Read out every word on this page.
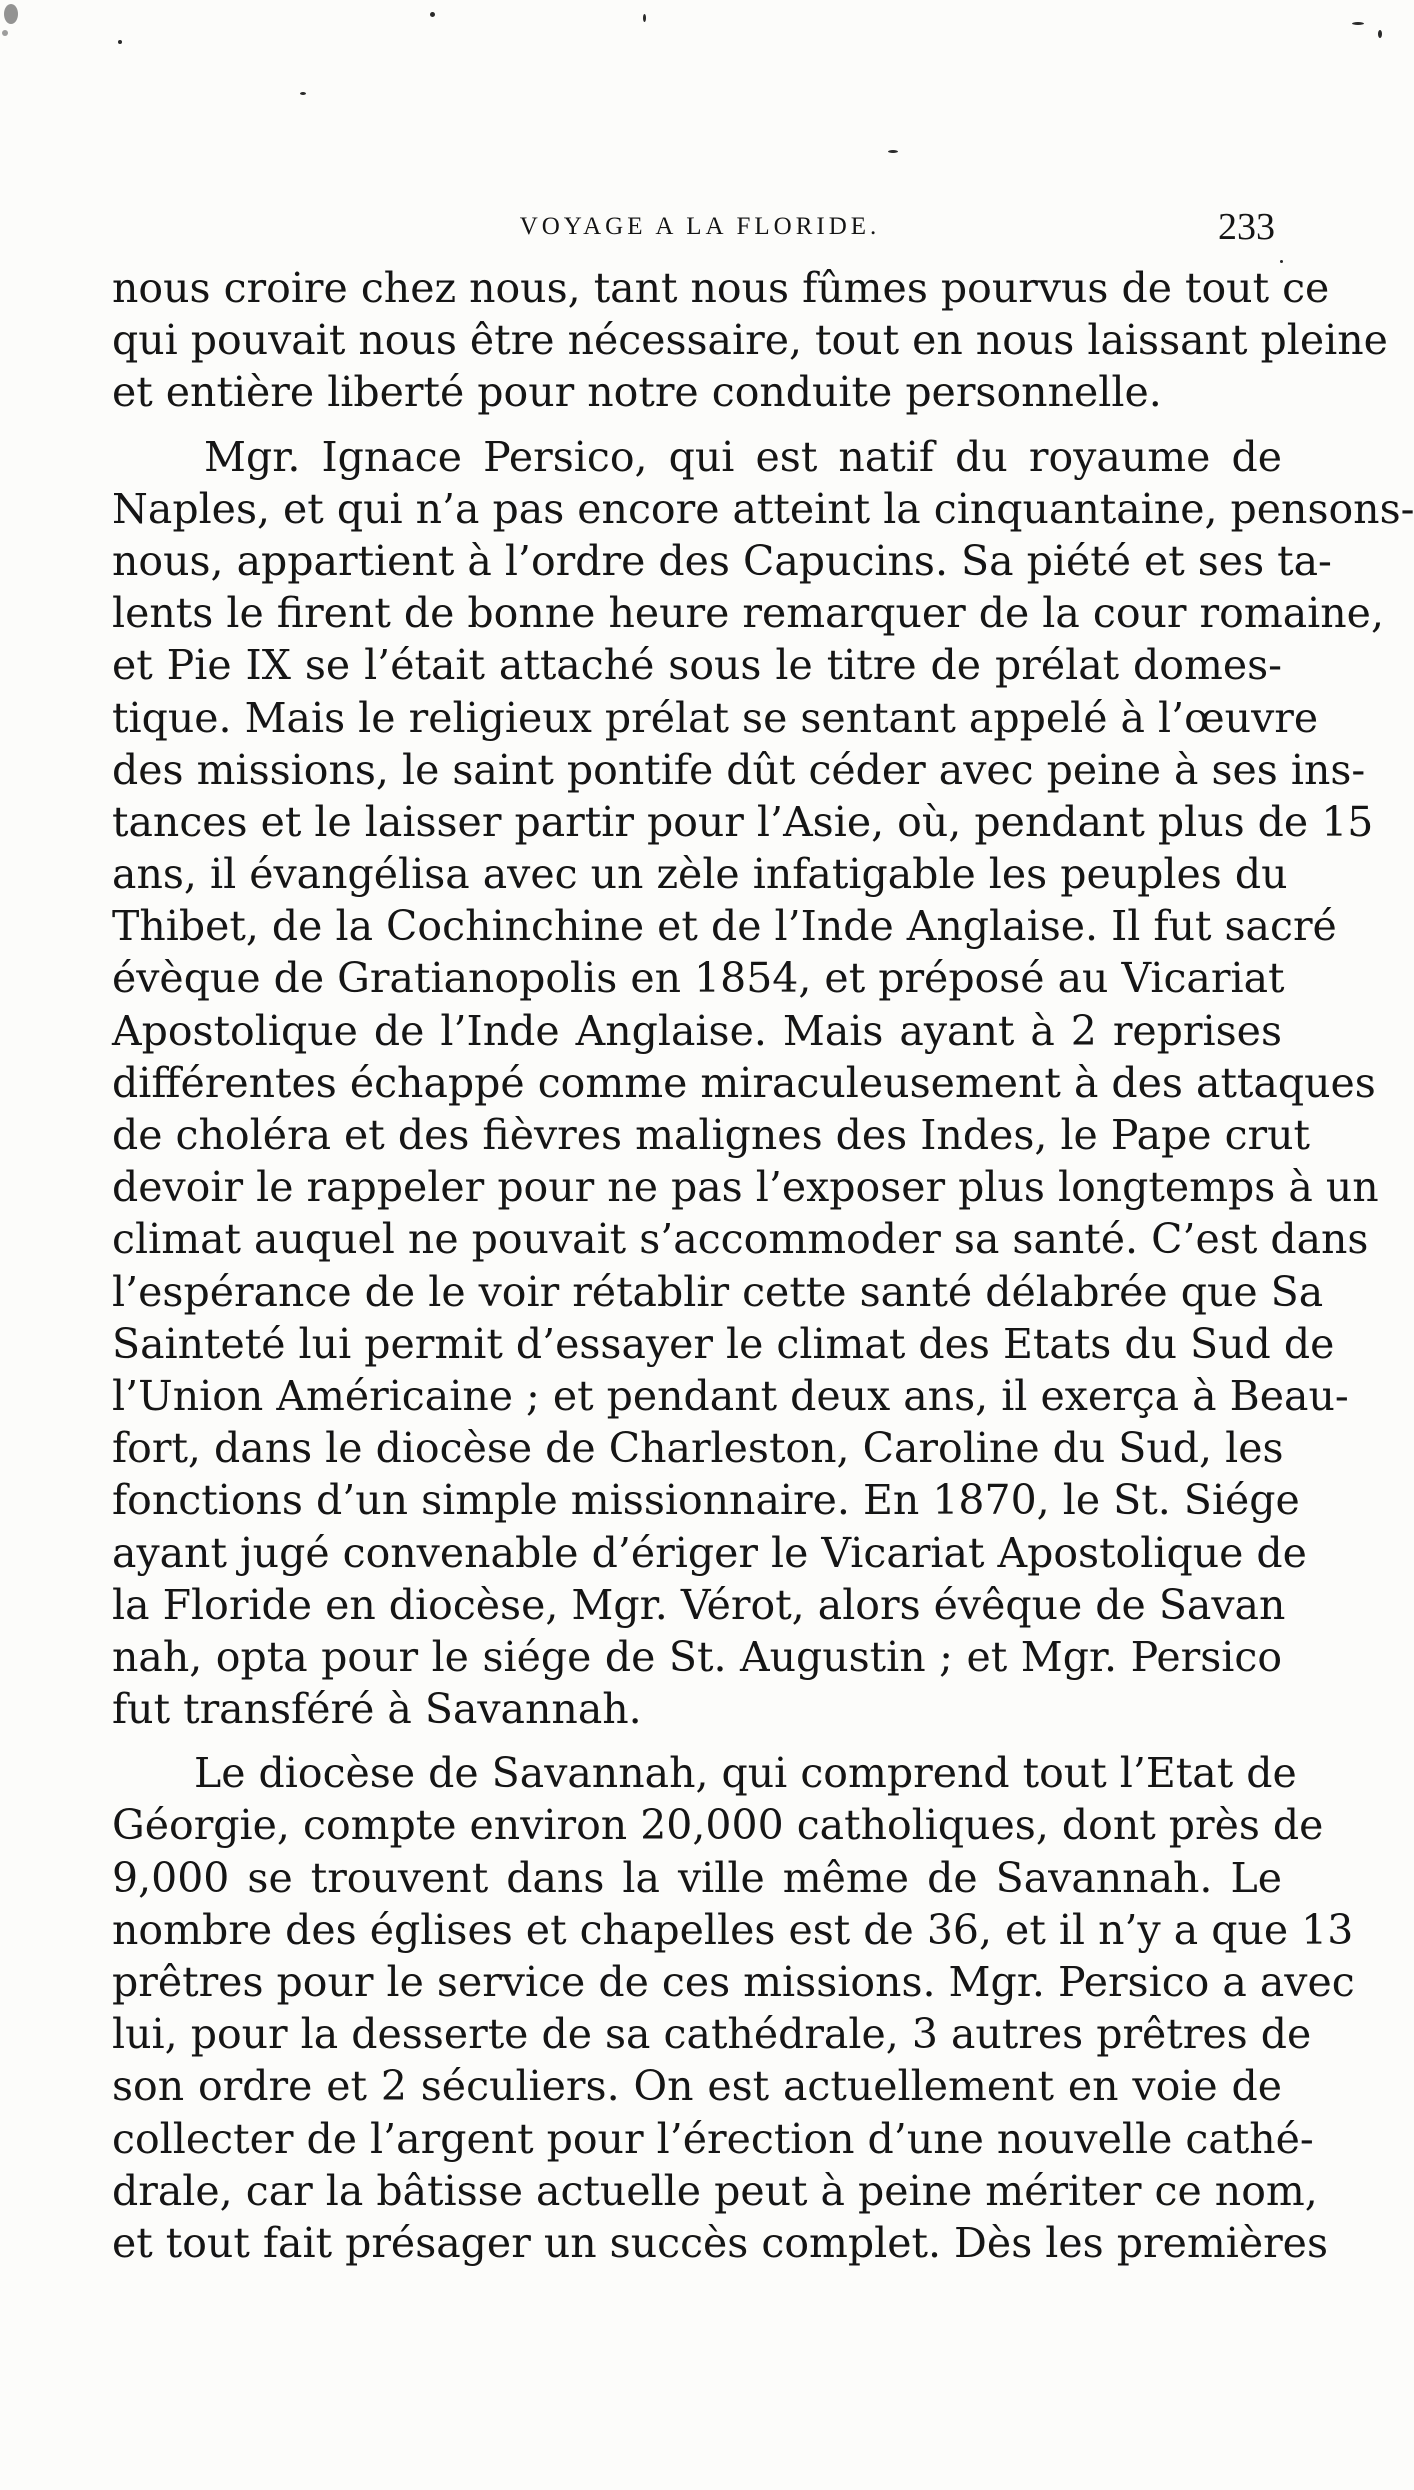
VOYAGE A LA FLORIDE.	233
nous croire chez nous, tant nous fûmes pourvus de tout ce
qui pouvait nous être nécessaire, tout en nous laissant pleine
et entière liberté pour notre conduite personnelle.
Mgr. Ignace Persico, qui est natif du royaume de
Naples, et qui n’a pas encore atteint la cinquantaine, pensons-
nous, appartient à l’ordre des Capucins. Sa piété et ses ta-
lents le firent de bonne heure remarquer de la cour romaine,
et Pie IX se l’était attaché sous le titre de prélat domes-
tique. Mais le religieux prélat se sentant appelé à l’œuvre
des missions, le saint pontife dût céder avec peine à ses ins-
tances et le laisser partir pour l’Asie, où, pendant plus de 15
ans, il évangélisa avec un zèle infatigable les peuples du
Thibet, de la Cochinchine et de l’Inde Anglaise. Il fut sacré
évèque de Gratianopolis en 1854, et préposé au Vicariat
Apostolique de l’Inde Anglaise. Mais ayant à 2 reprises
différentes échappé comme miraculeusement à des attaques
de choléra et des fièvres malignes des Indes, le Pape crut
devoir le rappeler pour ne pas l’exposer plus longtemps à un
climat auquel ne pouvait s’accommoder sa santé. C’est dans
l’espérance de le voir rétablir cette santé délabrée que Sa
Sainteté lui permit d’essayer le climat des Etats du Sud de
l’Union Américaine ; et pendant deux ans, il exerça à Beau-
fort, dans le diocèse de Charleston, Caroline du Sud, les
fonctions d’un simple missionnaire. En 1870, le St. Siége
ayant jugé convenable d’ériger le Vicariat Apostolique de
la Floride en diocèse, Mgr. Vérot, alors évêque de Savan
nah, opta pour le siége de St. Augustin ; et Mgr. Persico
fut transféré à Savannah.
Le diocèse de Savannah, qui comprend tout l’Etat de
Géorgie, compte environ 20,000 catholiques, dont près de
9,000 se trouvent dans la ville même de Savannah. Le
nombre des églises et chapelles est de 36, et il n’y a que 13
prêtres pour le service de ces missions. Mgr. Persico a avec
lui, pour la desserte de sa cathédrale, 3 autres prêtres de
son ordre et 2 séculiers. On est actuellement en voie de
collecter de l’argent pour l’érection d’une nouvelle cathé-
drale, car la bâtisse actuelle peut à peine mériter ce nom,
et tout fait présager un succès complet. Dès les premières
